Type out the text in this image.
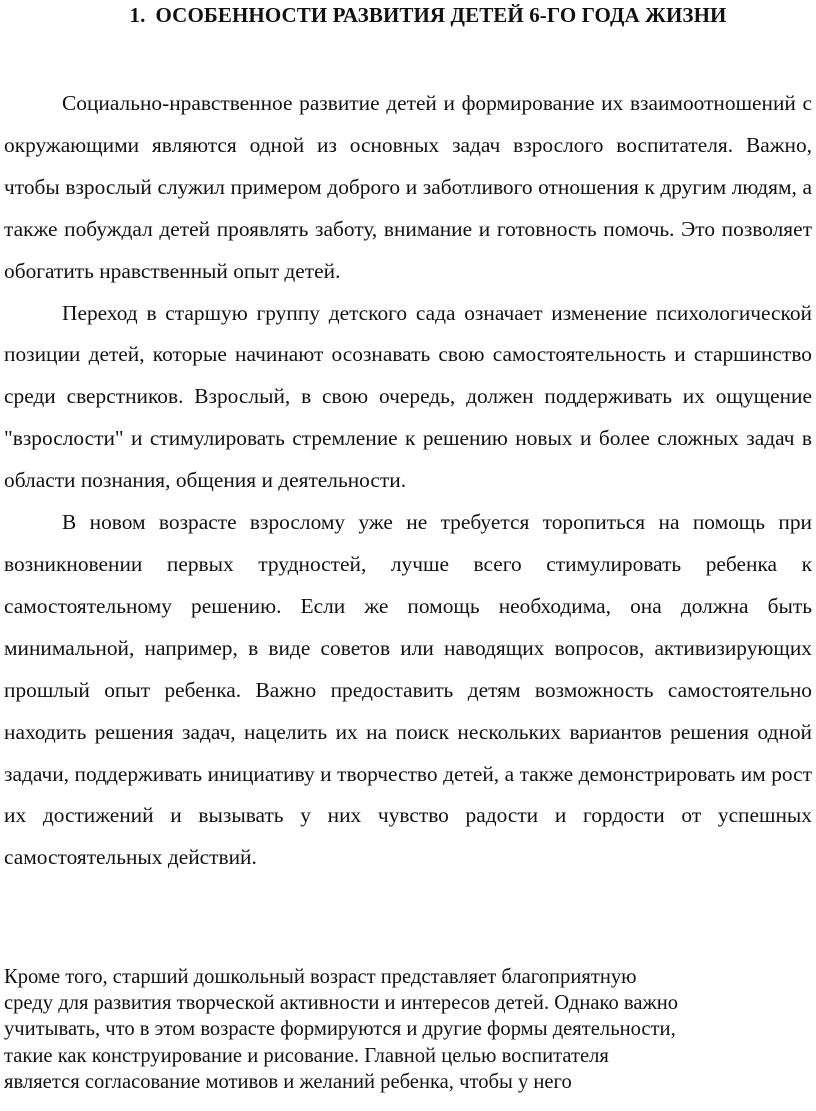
1. ОСОБЕННОСТИ РАЗВИТИЯ ДЕТЕЙ 6-ГО ГОДА ЖИЗНИ

Социально-нравственное развитие детей и формирование их взаимоотношений с окружающими являются одной из основных задач взрослого воспитателя. Важно, чтобы взрослый служил примером доброго и заботливого отношения к другим людям, а также побуждал детей проявлять заботу, внимание и готовность помочь. Это позволяет обогатить нравственный опыт детей.

Переход в старшую группу детского сада означает изменение психологической позиции детей, которые начинают осознавать свою самостоятельность и старшинство среди сверстников. Взрослый, в свою очередь, должен поддерживать их ощущение "взрослости" и стимулировать стремление к решению новых и более сложных задач в области познания, общения и деятельности.

В новом возрасте взрослому уже не требуется торопиться на помощь при возникновении первых трудностей, лучше всего стимулировать ребенка к самостоятельному решению. Если же помощь необходима, она должна быть минимальной, например, в виде советов или наводящих вопросов, активизирующих прошлый опыт ребенка. Важно предоставить детям возможность самостоятельно находить решения задач, нацелить их на поиск нескольких вариантов решения одной задачи, поддерживать инициативу и творчество детей, а также демонстрировать им рост их достижений и вызывать у них чувство радости и гордости от успешных самостоятельных действий.

Кроме того, старший дошкольный возраст представляет благоприятную

среду для развития творческой активности и интересов детей. Однако важно

учитывать, что в этом возрасте формируются и другие формы деятельности,

такие как конструирование и рисование. Главной целью воспитателя

является согласование мотивов и желаний ребенка, чтобы у него
